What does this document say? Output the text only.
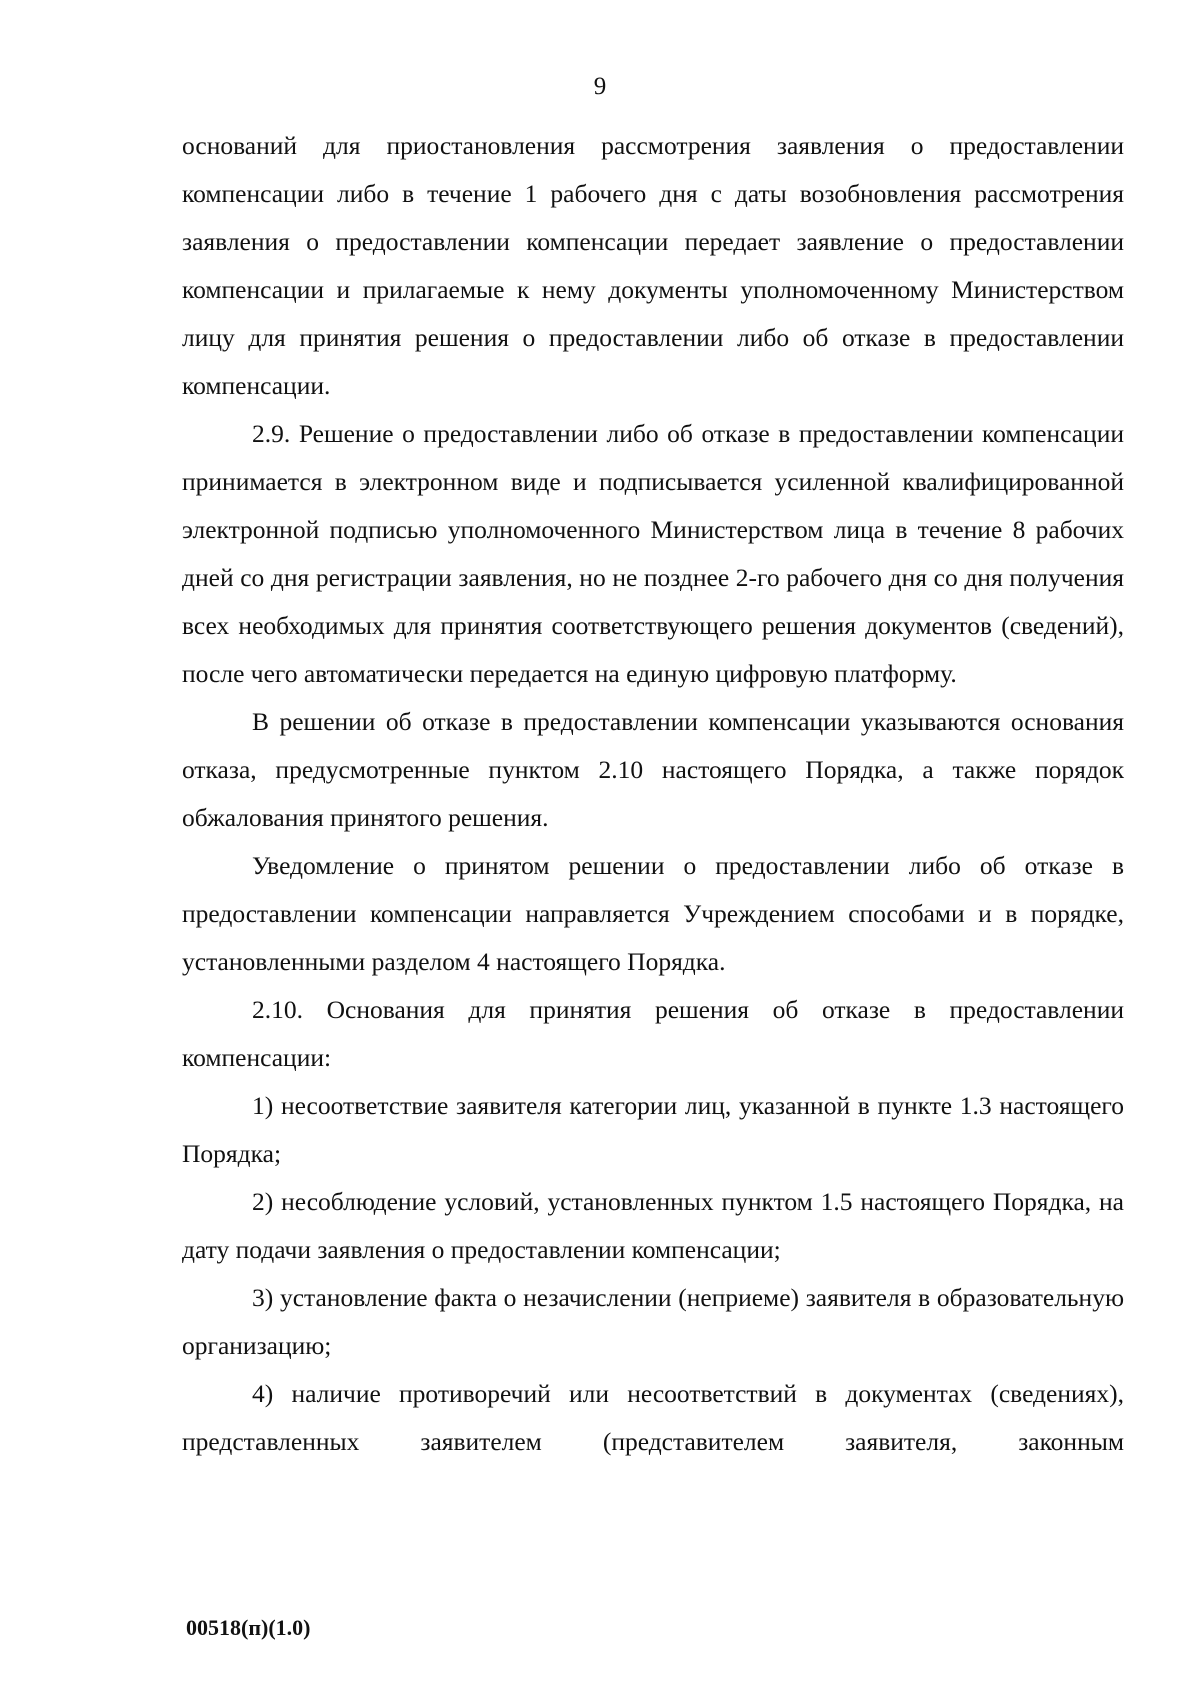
9

оснований для приостановления рассмотрения заявления о предоставлении компенсации либо в течение 1 рабочего дня с даты возобновления рассмотрения заявления о предоставлении компенсации передает заявление о предоставлении компенсации и прилагаемые к нему документы уполномоченному Министерством лицу для принятия решения о предоставлении либо об отказе в предоставлении компенсации.

2.9. Решение о предоставлении либо об отказе в предоставлении компенсации принимается в электронном виде и подписывается усиленной квалифицированной электронной подписью уполномоченного Министерством лица в течение 8 рабочих дней со дня регистрации заявления, но не позднее 2-го рабочего дня со дня получения всех необходимых для принятия соответствующего решения документов (сведений), после чего автоматически передается на единую цифровую платформу.

В решении об отказе в предоставлении компенсации указываются основания отказа, предусмотренные пунктом 2.10 настоящего Порядка, а также порядок обжалования принятого решения.

Уведомление о принятом решении о предоставлении либо об отказе в предоставлении компенсации направляется Учреждением способами и в порядке, установленными разделом 4 настоящего Порядка.

2.10. Основания для принятия решения об отказе в предоставлении компенсации:

1) несоответствие заявителя категории лиц, указанной в пункте 1.3 настоящего Порядка;

2) несоблюдение условий, установленных пунктом 1.5 настоящего Порядка, на дату подачи заявления о предоставлении компенсации;

3) установление факта о незачислении (неприеме) заявителя в образовательную организацию;

4) наличие противоречий или несоответствий в документах (сведениях), представленных заявителем (представителем заявителя, законным

00518(п)(1.0)
